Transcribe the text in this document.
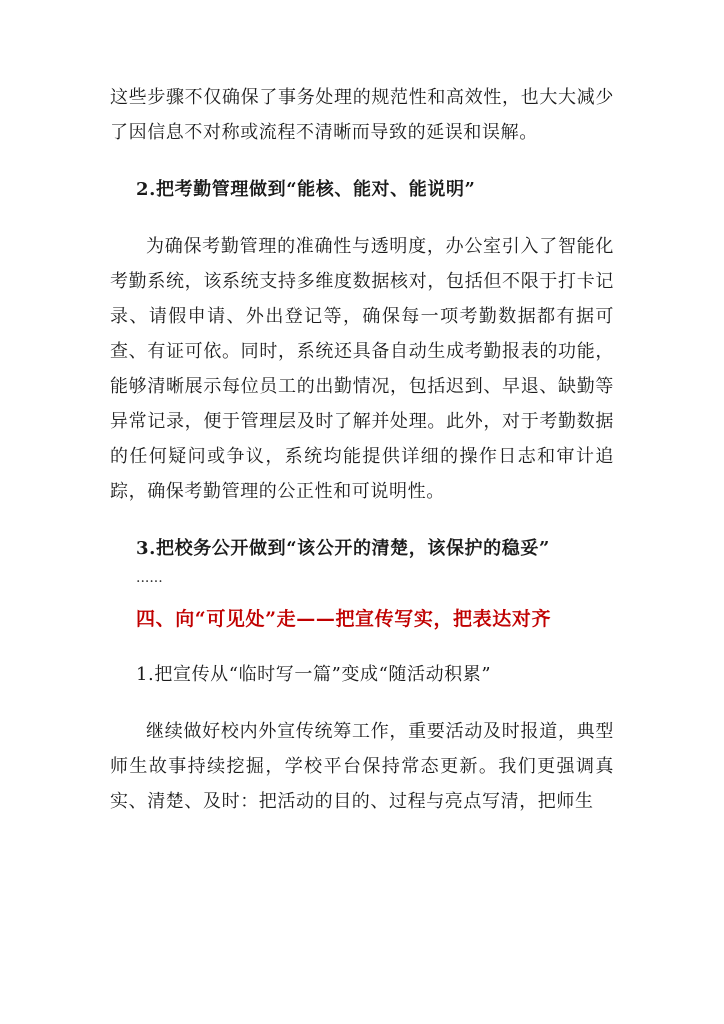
这些步骤不仅确保了事务处理的规范性和高效性，也大大减少了因信息不对称或流程不清晰而导致的延误和误解。

2.把考勤管理做到“能核、能对、能说明”

为确保考勤管理的准确性与透明度，办公室引入了智能化考勤系统，该系统支持多维度数据核对，包括但不限于打卡记录、请假申请、外出登记等，确保每一项考勤数据都有据可查、有证可依。同时，系统还具备自动生成考勤报表的功能，能够清晰展示每位员工的出勤情况，包括迟到、早退、缺勤等异常记录，便于管理层及时了解并处理。此外，对于考勤数据的任何疑问或争议，系统均能提供详细的操作日志和审计追踪，确保考勤管理的公正性和可说明性。

3.把校务公开做到“该公开的清楚，该保护的稳妥”

......

四、向“可见处”走——把宣传写实，把表达对齐

1.把宣传从“临时写一篇”变成“随活动积累”

继续做好校内外宣传统筹工作，重要活动及时报道，典型师生故事持续挖掘，学校平台保持常态更新。我们更强调真实、清楚、及时：把活动的目的、过程与亮点写清，把师生
